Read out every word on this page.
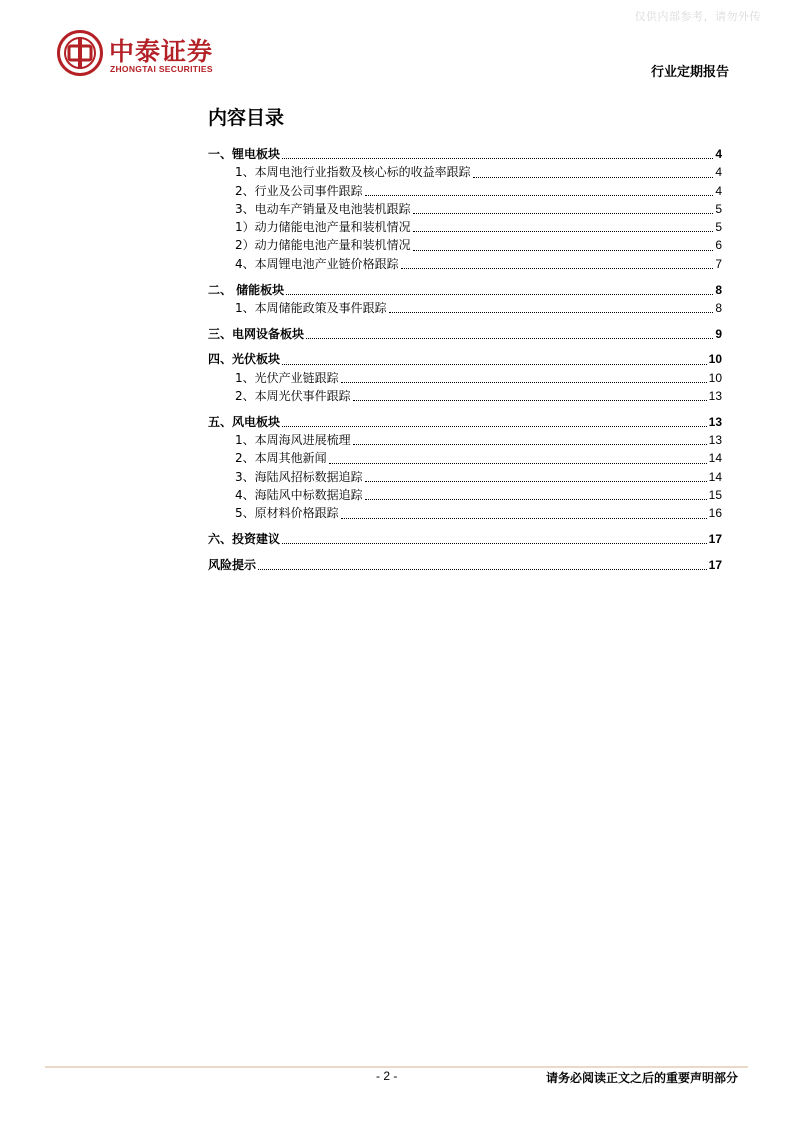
仅供内部参考，请勿外传
中泰证券
ZHONGTAI SECURITIES	行业定期报告
内容目录
一、锂电板块	4
1、本周电池行业指数及核心标的收益率跟踪	4
2、行业及公司事件跟踪	4
3、电动车产销量及电池装机跟踪	5
1）动力储能电池产量和装机情况	5
2）动力储能电池产量和装机情况	6
4、本周锂电池产业链价格跟踪	7
二、 储能板块	8
1、本周储能政策及事件跟踪	8
三、电网设备板块	9
四、光伏板块	10
1、光伏产业链跟踪	10
2、本周光伏事件跟踪	13
五、风电板块	13
1、本周海风进展梳理	13
2、本周其他新闻	14
3、海陆风招标数据追踪	14
4、海陆风中标数据追踪	15
5、原材料价格跟踪	16
六、投资建议	17
风险提示	17
- 2 -	请务必阅读正文之后的重要声明部分
